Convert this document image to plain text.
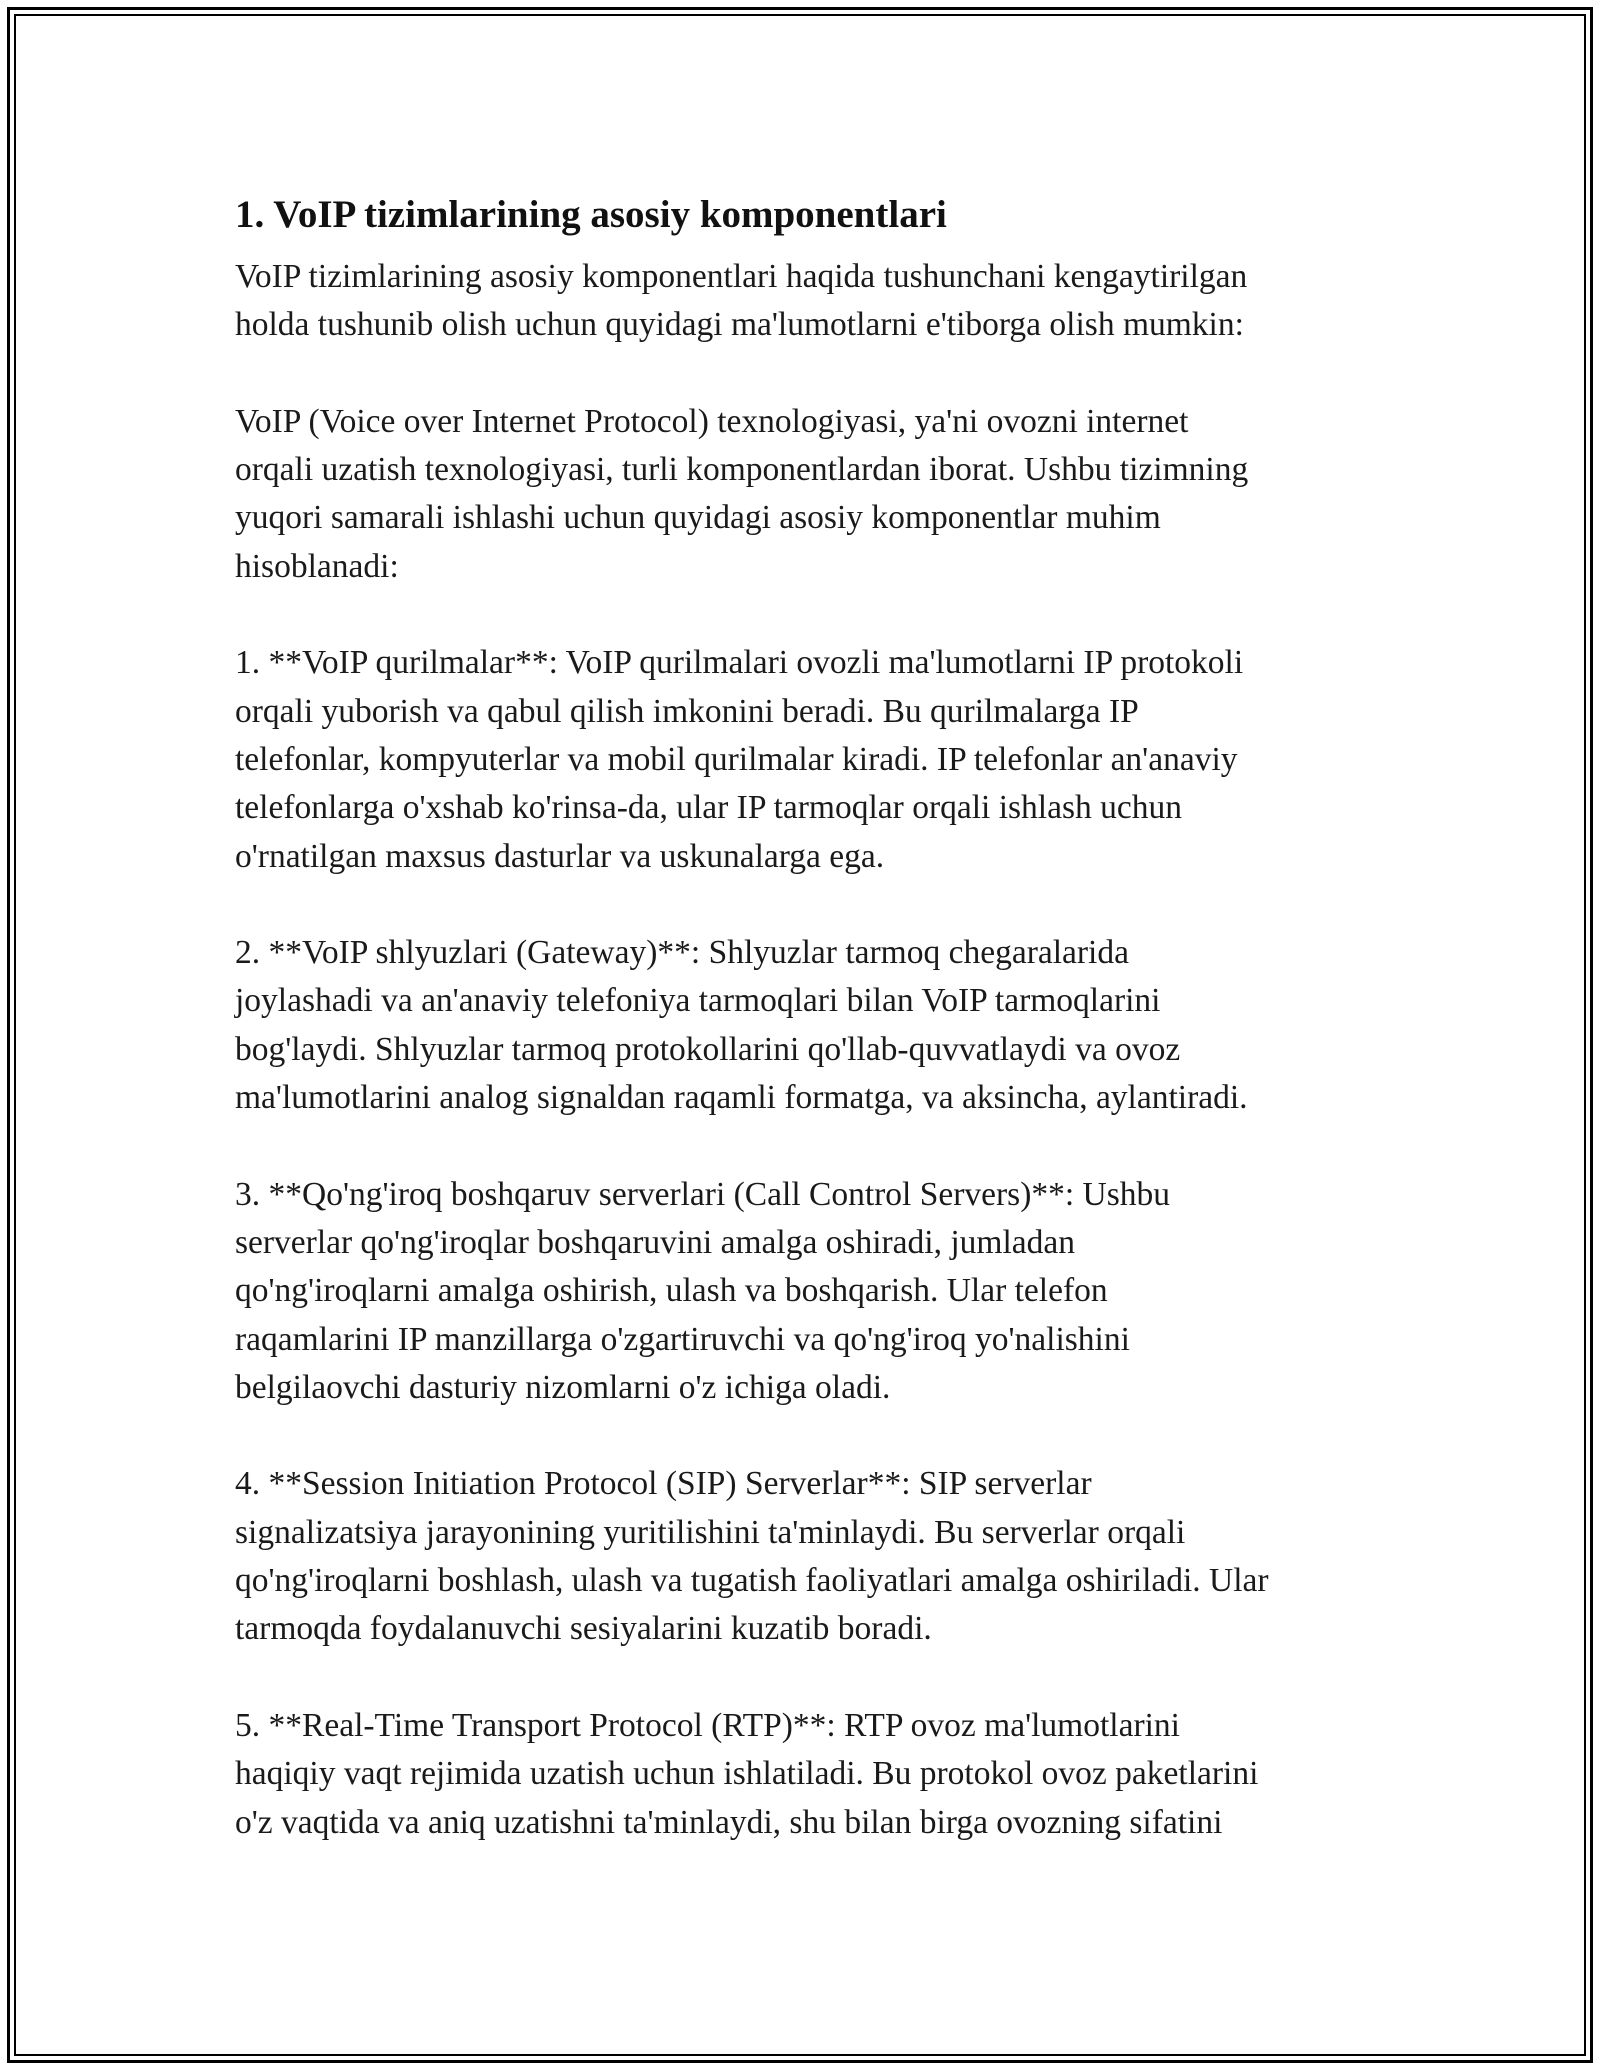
1. VoIP tizimlarining asosiy komponentlari

VoIP tizimlarining asosiy komponentlari haqida tushunchani kengaytirilgan
holda tushunib olish uchun quyidagi ma'lumotlarni e'tiborga olish mumkin:

VoIP (Voice over Internet Protocol) texnologiyasi, ya'ni ovozni internet
orqali uzatish texnologiyasi, turli komponentlardan iborat. Ushbu tizimning
yuqori samarali ishlashi uchun quyidagi asosiy komponentlar muhim
hisoblanadi:

1. **VoIP qurilmalar**: VoIP qurilmalari ovozli ma'lumotlarni IP protokoli
orqali yuborish va qabul qilish imkonini beradi. Bu qurilmalarga IP
telefonlar, kompyuterlar va mobil qurilmalar kiradi. IP telefonlar an'anaviy
telefonlarga o'xshab ko'rinsa-da, ular IP tarmoqlar orqali ishlash uchun
o'rnatilgan maxsus dasturlar va uskunalarga ega.

2. **VoIP shlyuzlari (Gateway)**: Shlyuzlar tarmoq chegaralarida
joylashadi va an'anaviy telefoniya tarmoqlari bilan VoIP tarmoqlarini
bog'laydi. Shlyuzlar tarmoq protokollarini qo'llab-quvvatlaydi va ovoz
ma'lumotlarini analog signaldan raqamli formatga, va aksincha, aylantiradi.

3. **Qo'ng'iroq boshqaruv serverlari (Call Control Servers)**: Ushbu
serverlar qo'ng'iroqlar boshqaruvini amalga oshiradi, jumladan
qo'ng'iroqlarni amalga oshirish, ulash va boshqarish. Ular telefon
raqamlarini IP manzillarga o'zgartiruvchi va qo'ng'iroq yo'nalishini
belgilaovchi dasturiy nizomlarni o'z ichiga oladi.

4. **Session Initiation Protocol (SIP) Serverlar**: SIP serverlar
signalizatsiya jarayonining yuritilishini ta'minlaydi. Bu serverlar orqali
qo'ng'iroqlarni boshlash, ulash va tugatish faoliyatlari amalga oshiriladi. Ular
tarmoqda foydalanuvchi sesiyalarini kuzatib boradi.

5. **Real-Time Transport Protocol (RTP)**: RTP ovoz ma'lumotlarini
haqiqiy vaqt rejimida uzatish uchun ishlatiladi. Bu protokol ovoz paketlarini
o'z vaqtida va aniq uzatishni ta'minlaydi, shu bilan birga ovozning sifatini
